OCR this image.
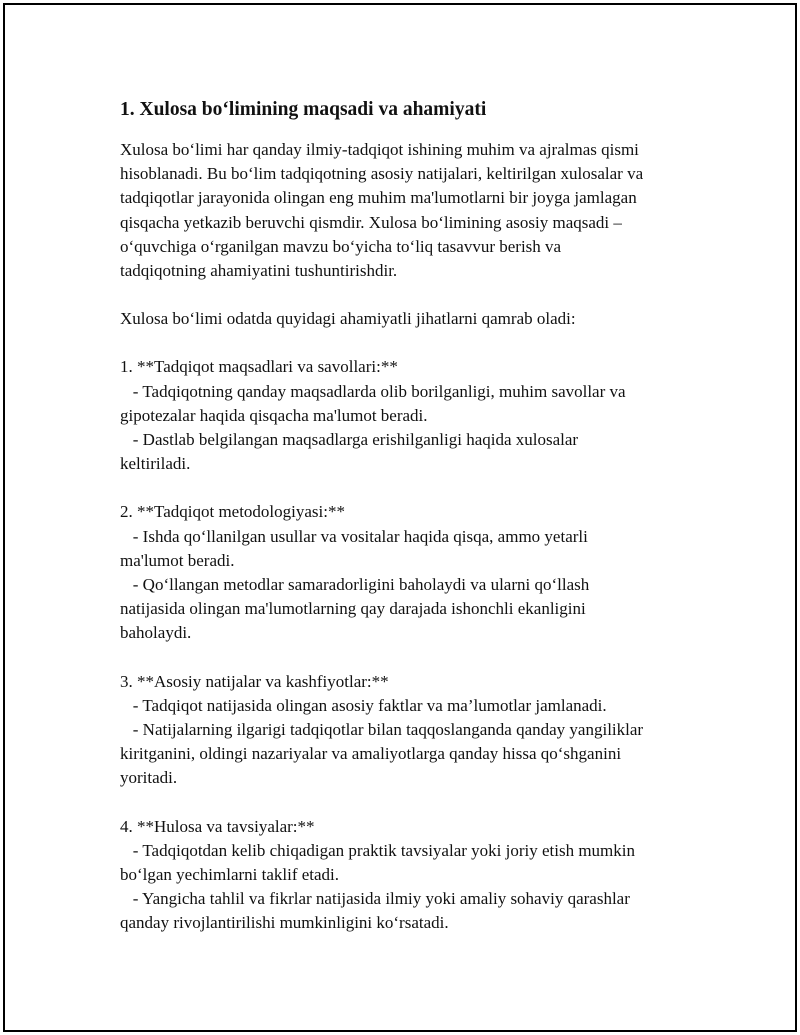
1. Xulosa bo‘limining maqsadi va ahamiyati

Xulosa bo‘limi har qanday ilmiy-tadqiqot ishining muhim va ajralmas qismi
hisoblanadi. Bu bo‘lim tadqiqotning asosiy natijalari, keltirilgan xulosalar va
tadqiqotlar jarayonida olingan eng muhim ma'lumotlarni bir joyga jamlagan
qisqacha yetkazib beruvchi qismdir. Xulosa bo‘limining asosiy maqsadi –
o‘quvchiga o‘rganilgan mavzu bo‘yicha to‘liq tasavvur berish va
tadqiqotning ahamiyatini tushuntirishdir.

Xulosa bo‘limi odatda quyidagi ahamiyatli jihatlarni qamrab oladi:

1. **Tadqiqot maqsadlari va savollari:**

- Tadqiqotning qanday maqsadlarda olib borilganligi, muhim savollar va
gipotezalar haqida qisqacha ma'lumot beradi.
- Dastlab belgilangan maqsadlarga erishilganligi haqida xulosalar
keltiriladi.

2. **Tadqiqot metodologiyasi:**

- Ishda qo‘llanilgan usullar va vositalar haqida qisqa, ammo yetarli
ma'lumot beradi.
- Qo‘llangan metodlar samaradorligini baholaydi va ularni qo‘llash
natijasida olingan ma'lumotlarning qay darajada ishonchli ekanligini
baholaydi.

3. **Asosiy natijalar va kashfiyotlar:**

- Tadqiqot natijasida olingan asosiy faktlar va ma’lumotlar jamlanadi.
- Natijalarning ilgarigi tadqiqotlar bilan taqqoslanganda qanday yangiliklar
kiritganini, oldingi nazariyalar va amaliyotlarga qanday hissa qo‘shganini
yoritadi.

4. **Hulosa va tavsiyalar:**

- Tadqiqotdan kelib chiqadigan praktik tavsiyalar yoki joriy etish mumkin
bo‘lgan yechimlarni taklif etadi.
- Yangicha tahlil va fikrlar natijasida ilmiy yoki amaliy sohaviy qarashlar
qanday rivojlantirilishi mumkinligini ko‘rsatadi.
